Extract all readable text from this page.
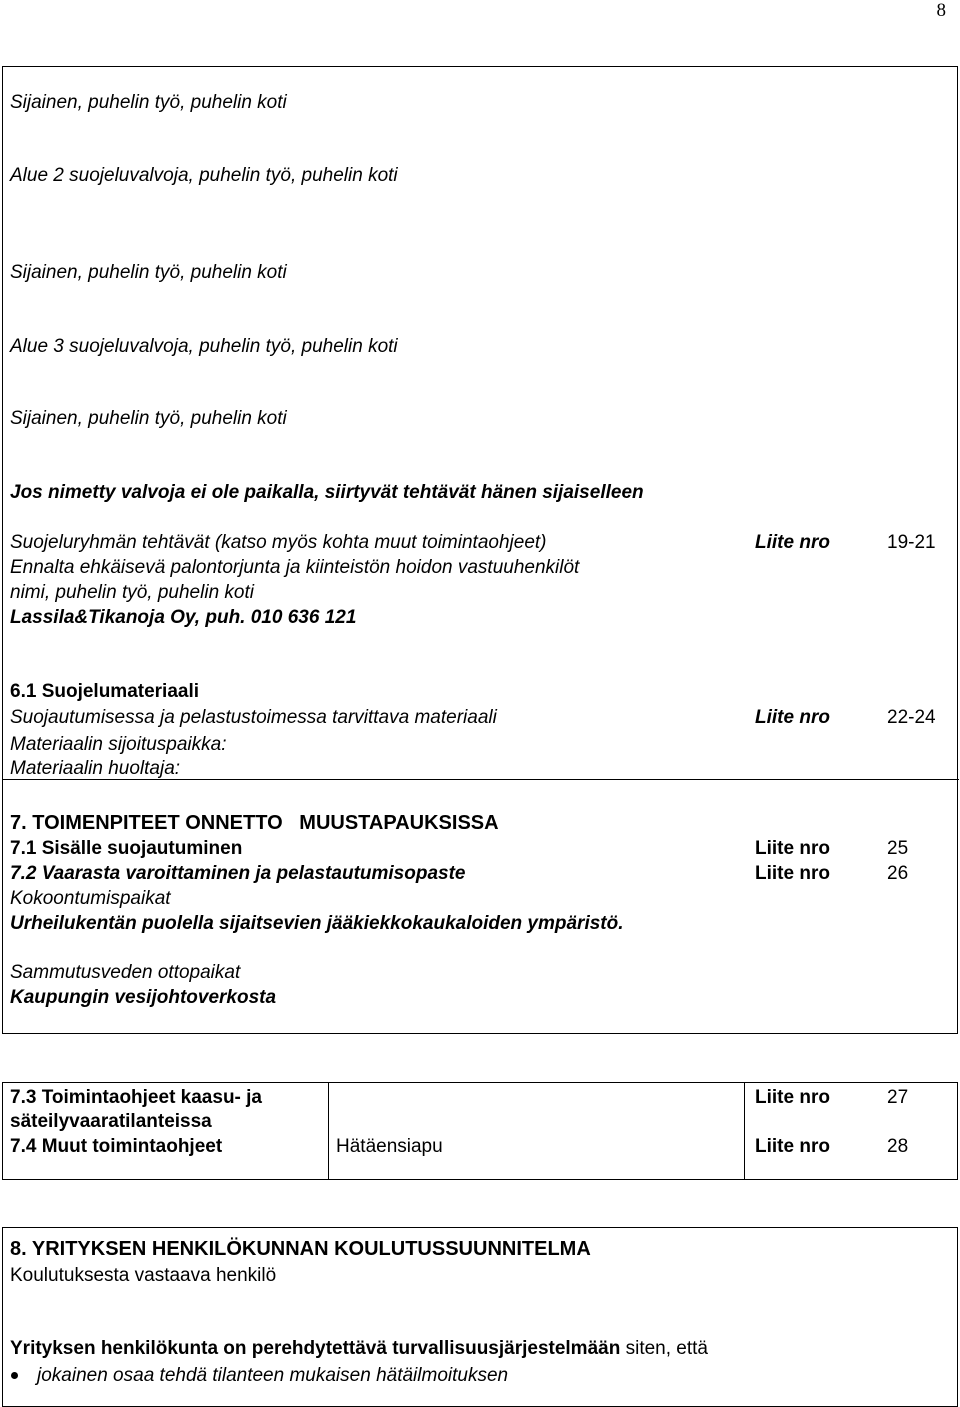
8
Sijainen, puhelin työ, puhelin koti
Alue 2 suojeluvalvoja, puhelin työ, puhelin koti
Sijainen, puhelin työ, puhelin koti
Alue 3 suojeluvalvoja, puhelin työ, puhelin koti
Sijainen, puhelin työ, puhelin koti
Jos nimetty valvoja ei ole paikalla, siirtyvät tehtävät hänen sijaiselleen
Suojeluryhmän tehtävät (katso myös kohta muut toimintaohjeet)	Liite nro	19-21
Ennalta ehkäisevä palontorjunta ja kiinteistön hoidon vastuuhenkilöt
nimi, puhelin työ, puhelin koti
Lassila&Tikanoja Oy, puh. 010 636 121
6.1 Suojelumateriaali
Suojautumisessa ja pelastustoimessa tarvittava materiaali	Liite nro	22-24
Materiaalin sijoituspaikka:
Materiaalin huoltaja:
7. TOIMENPITEET ONNETTO   MUUSTAPAUKSISSA
7.1 Sisälle suojautuminen	Liite nro	25
7.2 Vaarasta varoittaminen ja pelastautumisopaste	Liite nro	26
Kokoontumispaikat
Urheilukentän puolella sijaitsevien jääkiekkokaukaloiden ympäristö.
Sammutusveden ottopaikat
Kaupungin vesijohtoverkosta
7.3 Toimintaohjeet kaasu- ja
säteilyvaaratilanteissa
Liite nro	27
7.4 Muut toimintaohjeet	Hätäensiapu	Liite nro	28
8. YRITYKSEN HENKILÖKUNNAN KOULUTUSSUUNNITELMA
Koulutuksesta vastaava henkilö
Yrityksen henkilökunta on perehdytettävä turvallisuusjärjestelmään siten, että
jokainen osaa tehdä tilanteen mukaisen hätäilmoituksen
